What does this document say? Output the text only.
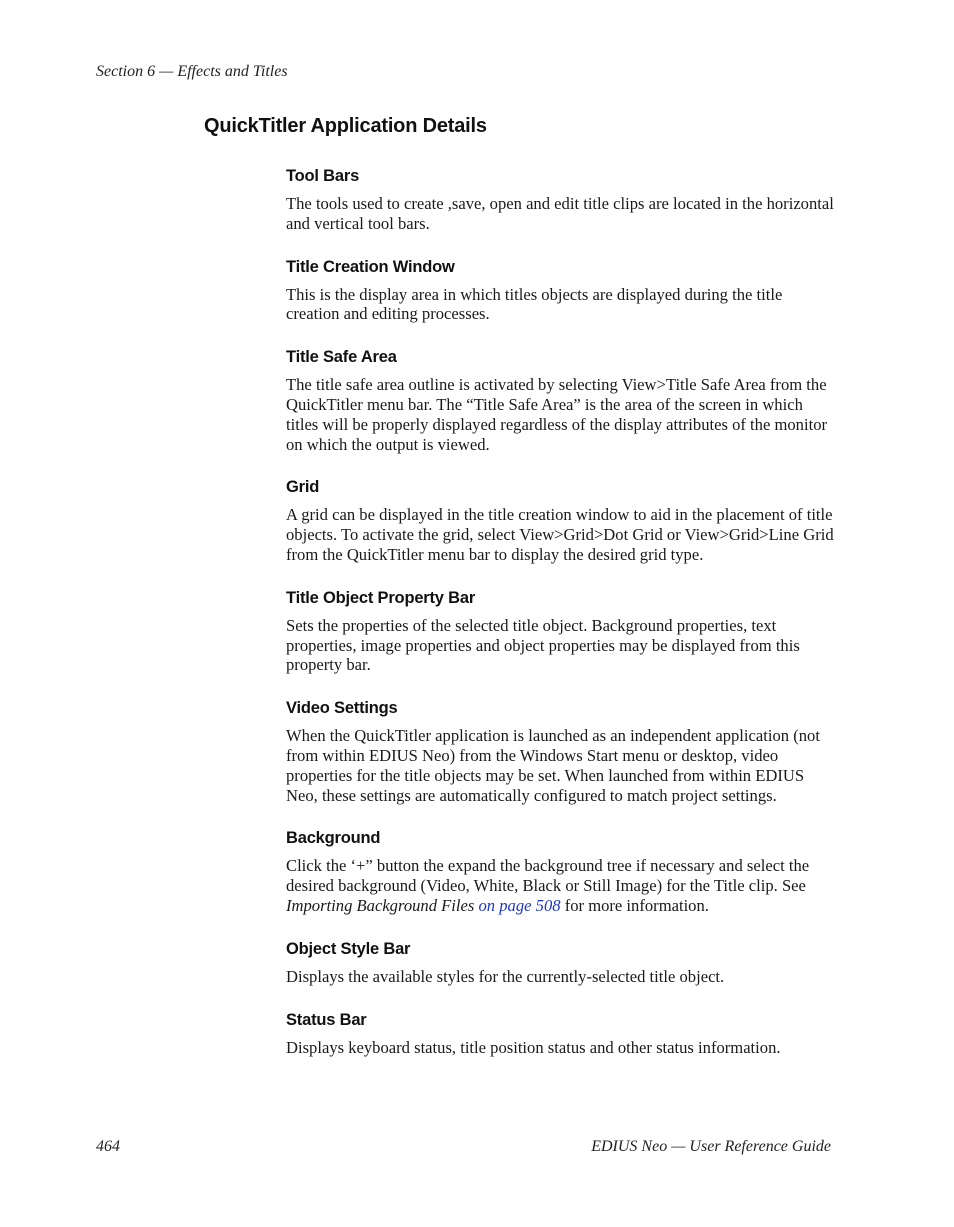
Section 6 — Effects and Titles
QuickTitler Application Details
Tool Bars

The tools used to create ,save, open and edit title clips are located in the horizontal and vertical tool bars.

Title Creation Window

This is the display area in which titles objects are displayed during the title creation and editing processes.

Title Safe Area

The title safe area outline is activated by selecting View>Title Safe Area from the QuickTitler menu bar. The “Title Safe Area” is the area of the screen in which titles will be properly displayed regardless of the display attributes of the monitor on which the output is viewed.

Grid

A grid can be displayed in the title creation window to aid in the placement of title objects. To activate the grid, select View>Grid>Dot Grid or View>Grid>Line Grid from the QuickTitler menu bar to display the desired grid type.

Title Object Property Bar

Sets the properties of the selected title object. Background properties, text properties, image properties and object properties may be displayed from this property bar.

Video Settings

When the QuickTitler application is launched as an independent application (not from within EDIUS Neo) from the Windows Start menu or desktop, video properties for the title objects may be set. When launched from within EDIUS Neo, these settings are automatically configured to match project settings.

Background

Click the ‘+” button the expand the background tree if necessary and select the desired background (Video, White, Black or Still Image) for the Title clip. See Importing Background Files on page 508 for more information.

Object Style Bar

Displays the available styles for the currently-selected title object.

Status Bar

Displays keyboard status, title position status and other status information.

464	EDIUS Neo — User Reference Guide
